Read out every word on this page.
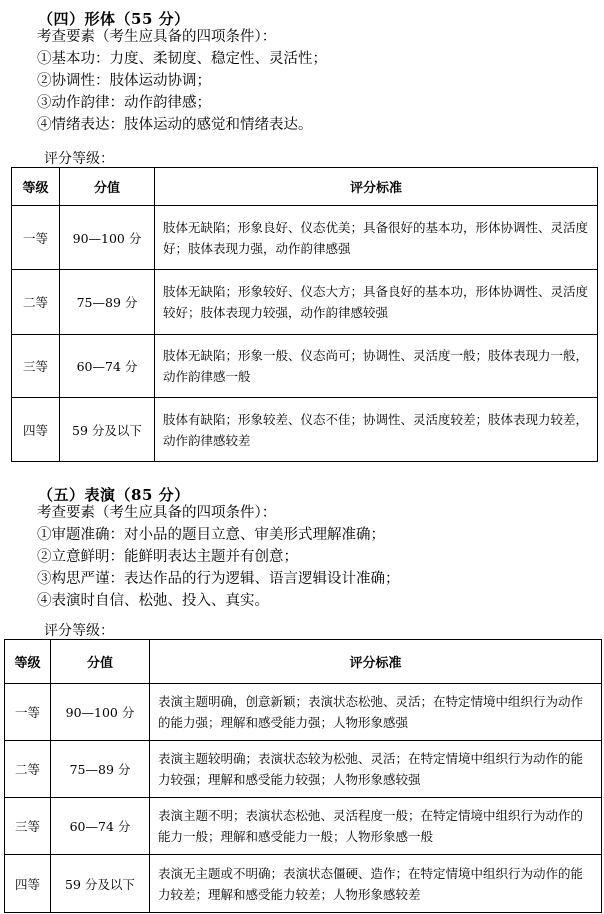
（四）形体（55 分）
考查要素（考生应具备的四项条件）：
①基本功：力度、柔韧度、稳定性、灵活性；
②协调性：肢体运动协调；
③动作韵律：动作韵律感；
④情绪表达：肢体运动的感觉和情绪表达。
评分等级：
等级	分值	评分标准
一等	90—100 分	肢体无缺陷；形象良好、仪态优美；具备很好的基本功，形体协调性、灵活度好；肢体表现力强，动作韵律感强
二等	75—89 分	肢体无缺陷；形象较好、仪态大方；具备良好的基本功，形体协调性、灵活度较好；肢体表现力较强，动作韵律感较强
三等	60—74 分	肢体无缺陷；形象一般、仪态尚可；协调性、灵活度一般；肢体表现力一般，动作韵律感一般
四等	59 分及以下	肢体有缺陷；形象较差、仪态不佳；协调性、灵活度较差；肢体表现力较差，动作韵律感较差
（五）表演（85 分）
考查要素（考生应具备的四项条件）：
①审题准确：对小品的题目立意、审美形式理解准确；
②立意鲜明：能鲜明表达主题并有创意；
③构思严谨：表达作品的行为逻辑、语言逻辑设计准确；
④表演时自信、松弛、投入、真实。
评分等级：
等级	分值	评分标准
一等	90—100 分	表演主题明确，创意新颖；表演状态松弛、灵活；在特定情境中组织行为动作的能力强；理解和感受能力强；人物形象感强
二等	75—89 分	表演主题较明确；表演状态较为松弛、灵活；在特定情境中组织行为动作的能力较强；理解和感受能力较强；人物形象感较强
三等	60—74 分	表演主题不明；表演状态松弛、灵活程度一般；在特定情境中组织行为动作的能力一般；理解和感受能力一般；人物形象感一般
四等	59 分及以下	表演无主题或不明确；表演状态僵硬、造作；在特定情境中组织行为动作的能力较差；理解和感受能力较差；人物形象感较差
